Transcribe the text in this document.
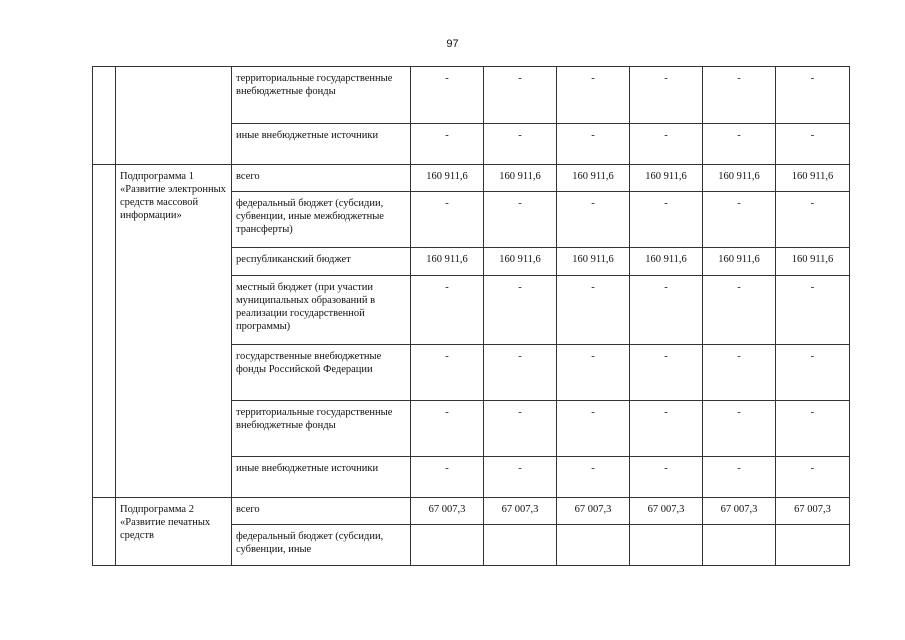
97
		территориальные государственные внебюджетные фонды	-	-	-	-	-	-
		иные внебюджетные источники	-	-	-	-	-	-
	Подпрограмма 1 «Развитие электронных средств массовой информации»	всего	160 911,6	160 911,6	160 911,6	160 911,6	160 911,6	160 911,6
		федеральный бюджет (субсидии, субвенции, иные межбюджетные трансферты)	-	-	-	-	-	-
		республиканский бюджет	160 911,6	160 911,6	160 911,6	160 911,6	160 911,6	160 911,6
		местный бюджет (при участии муниципальных образований в реализации государственной программы)	-	-	-	-	-	-
		государственные внебюджетные фонды Российской Федерации	-	-	-	-	-	-
		территориальные государственные внебюджетные фонды	-	-	-	-	-	-
		иные внебюджетные источники	-	-	-	-	-	-
	Подпрограмма 2 «Развитие печатных средств	всего	67 007,3	67 007,3	67 007,3	67 007,3	67 007,3	67 007,3
		федеральный бюджет (субсидии, субвенции, иные						
